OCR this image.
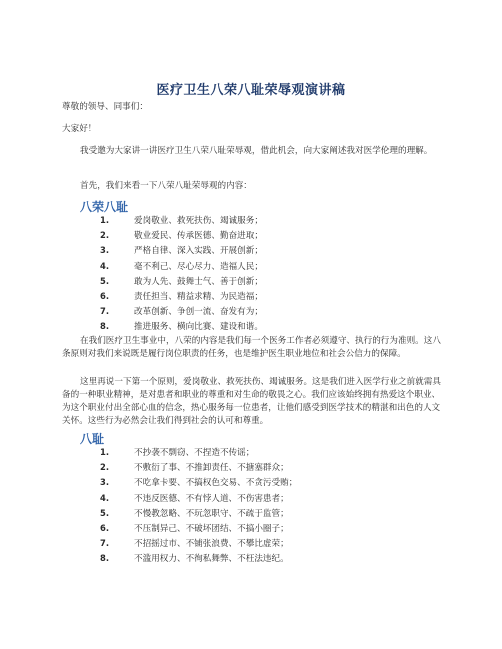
医疗卫生八荣八耻荣辱观演讲稿
尊敬的领导、同事们：
大家好！
我受邀为大家讲一讲医疗卫生八荣八耻荣辱观，借此机会，向大家阐述我对医学伦理的理解。
首先，我们来看一下八荣八耻荣辱观的内容：
八荣八耻
1.	爱岗敬业、救死扶伤、竭诚服务；
2.	敬业爱民、传承医德、勤奋进取；
3.	严格自律、深入实践、开展创新；
4.	毫不利己、尽心尽力、造福人民；
5.	敢为人先、鼓舞士气、善于创新；
6.	责任担当、精益求精、为民造福；
7.	改革创新、争创一流、奋发有为；
8.	推进服务、横向比赛、建设和谐。
在我们医疗卫生事业中，八荣的内容是我们每一个医务工作者必须遵守、执行的行为准则。这八条原则对我们来说既是履行岗位职责的任务，也是维护医生职业地位和社会公信力的保障。
这里再说一下第一个原则，爱岗敬业、救死扶伤、竭诚服务。这是我们进入医学行业之前就需具备的一种职业精神，是对患者和职业的尊重和对生命的敬畏之心。我们应该始终拥有热爱这个职业、为这个职业付出全部心血的信念，热心服务每一位患者，让他们感受到医学技术的精湛和出色的人文关怀。这些行为必然会让我们得到社会的认可和尊重。
八耻
1.	不抄袭不剽窃、不捏造不传谣；
2.	不敷衍了事、不推卸责任、不搪塞群众；
3.	不吃拿卡要、不搞权色交易、不贪污受贿；
4.	不违反医德、不有悖人道、不伤害患者；
5.	不慢教忽略、不玩忽职守、不疏于监管；
6.	不压制异己、不破坏团结、不搞小圈子；
7.	不招摇过市、不铺张浪费、不攀比虚荣；
8.	不滥用权力、不徇私舞弊、不枉法违纪。
